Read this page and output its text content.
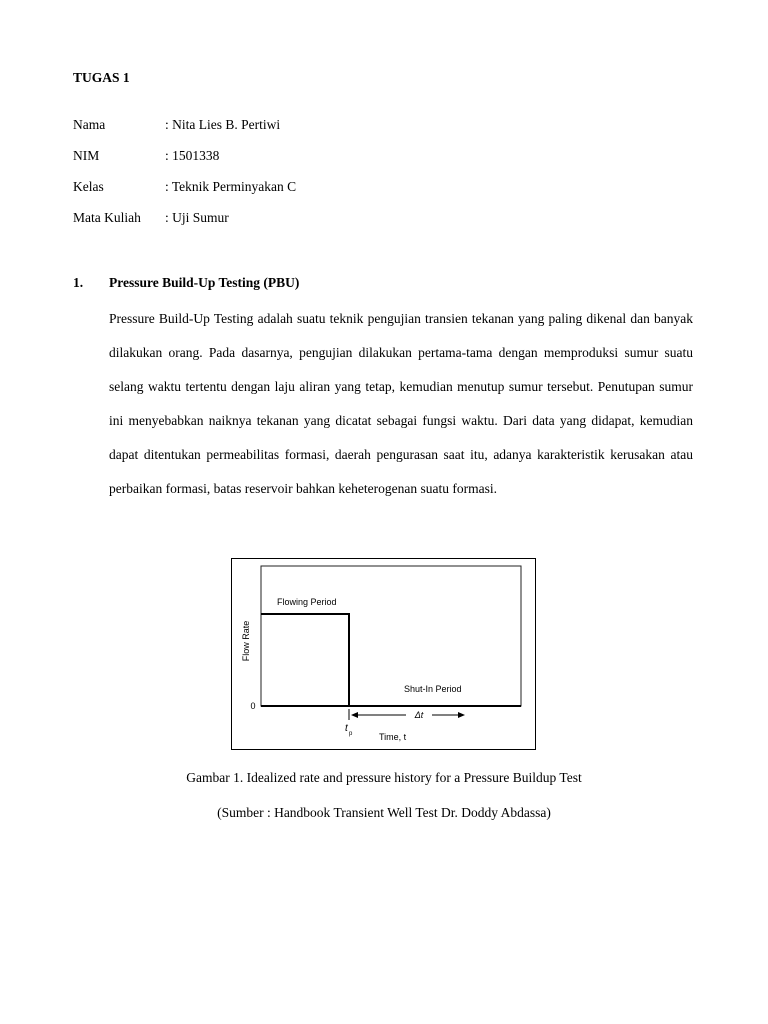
TUGAS 1
Nama	: Nita Lies B. Pertiwi
NIM	: 1501338
Kelas	: Teknik Perminyakan C
Mata Kuliah : Uji Sumur
1. Pressure Build-Up Testing (PBU)
Pressure Build-Up Testing adalah suatu teknik pengujian transien tekanan yang paling dikenal dan banyak dilakukan orang. Pada dasarnya, pengujian dilakukan pertama-tama dengan memproduksi sumur suatu selang waktu tertentu dengan laju aliran yang tetap, kemudian menutup sumur tersebut. Penutupan sumur ini menyebabkan naiknya tekanan yang dicatat sebagai fungsi waktu. Dari data yang didapat, kemudian dapat ditentukan permeabilitas formasi, daerah pengurasan saat itu, adanya karakteristik kerusakan atau perbaikan formasi, batas reservoir bahkan keheterogenan suatu formasi.
Flowing Period
Shut-In Period
Flow Rate
0
Δt
t p	Time, t
Gambar 1. Idealized rate and pressure history for a Pressure Buildup Test
(Sumber : Handbook Transient Well Test Dr. Doddy Abdassa)
